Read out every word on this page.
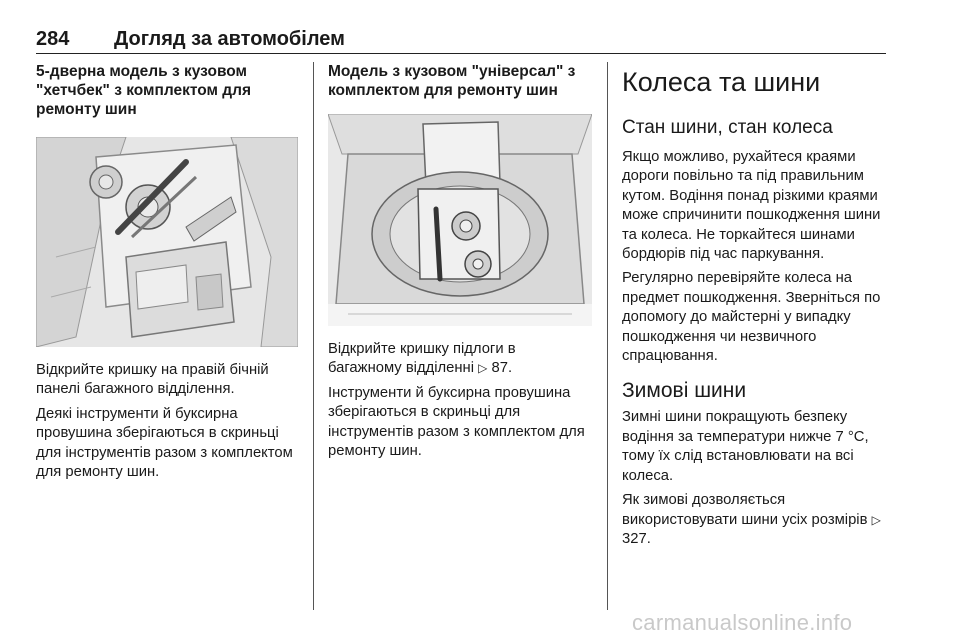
284	Догляд за автомобілем
5-дверна модель з кузовом "хетчбек" з комплектом для ремонту шин

Відкрийте кришку на правій бічній панелі багажного відділення.

Деякі інструменти й буксирна провушина зберігаються в скриньці для інструментів разом з комплектом для ремонту шин.

Модель з кузовом "універсал" з комплектом для ремонту шин

Відкрийте кришку підлоги в багажному відділенні ▷ 87.

Інструменти й буксирна провушина зберігаються в скриньці для інструментів разом з комплектом для ремонту шин.

Колеса та шини
Стан шини, стан колеса

Якщо можливо, рухайтеся краями дороги повільно та під правильним кутом. Водіння понад різкими краями може спричинити пошкодження шини та колеса. Не торкайтеся шинами бордюрів під час паркування.

Регулярно перевіряйте колеса на предмет пошкодження. Зверніться по допомогу до майстерні у випадку пошкодження чи незвичного спрацювання.

Зимові шини

Зимні шини покращують безпеку водіння за температури нижче 7 °C, тому їх слід встановлювати на всі колеса.

Як зимові дозволяється використовувати шини усіх розмірів ▷ 327.

carmanualsonline.info
